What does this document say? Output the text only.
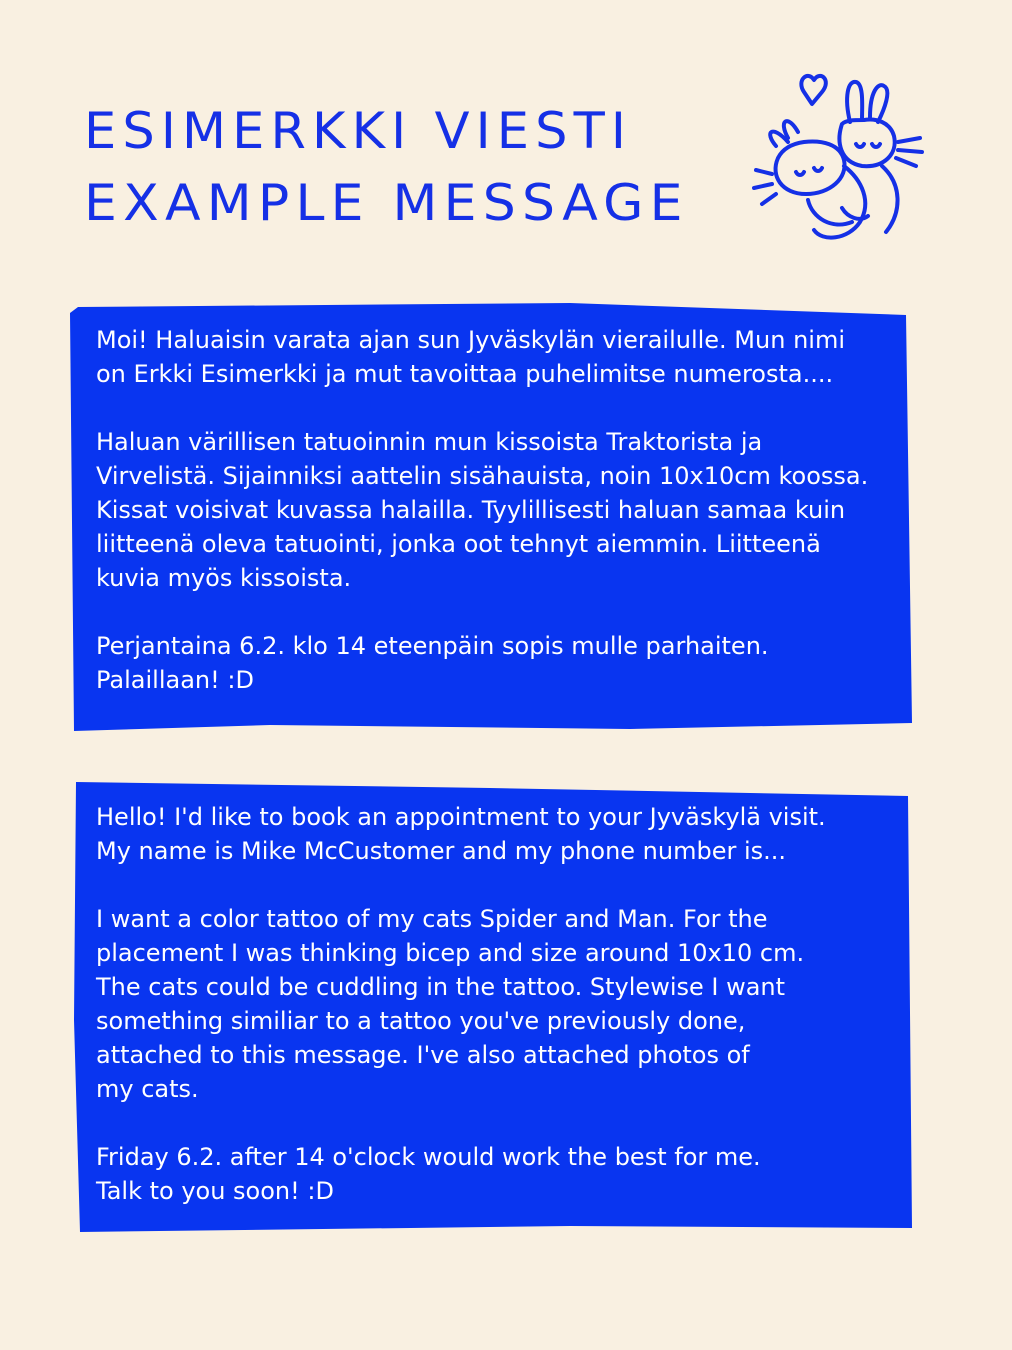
ESIMERKKI VIESTI
EXAMPLE MESSAGE

Moi! Haluaisin varata ajan sun Jyväskylän vierailulle. Mun nimi
on Erkki Esimerkki ja mut tavoittaa puhelimitse numerosta....

Haluan värillisen tatuoinnin mun kissoista Traktorista ja
Virvelistä. Sijainniksi aattelin sisähauista, noin 10x10cm koossa.
Kissat voisivat kuvassa halailla. Tyylillisesti haluan samaa kuin
liitteenä oleva tatuointi, jonka oot tehnyt aiemmin. Liitteenä
kuvia myös kissoista.

Perjantaina 6.2. klo 14 eteenpäin sopis mulle parhaiten.
Palaillaan! :D

Hello! I'd like to book an appointment to your Jyväskylä visit.
My name is Mike McCustomer and my phone number is...

I want a color tattoo of my cats Spider and Man. For the
placement I was thinking bicep and size around 10x10 cm.
The cats could be cuddling in the tattoo. Stylewise I want
something similiar to a tattoo you've previously done,
attached to this message. I've also attached photos of
my cats.

Friday 6.2. after 14 o'clock would work the best for me.
Talk to you soon! :D
